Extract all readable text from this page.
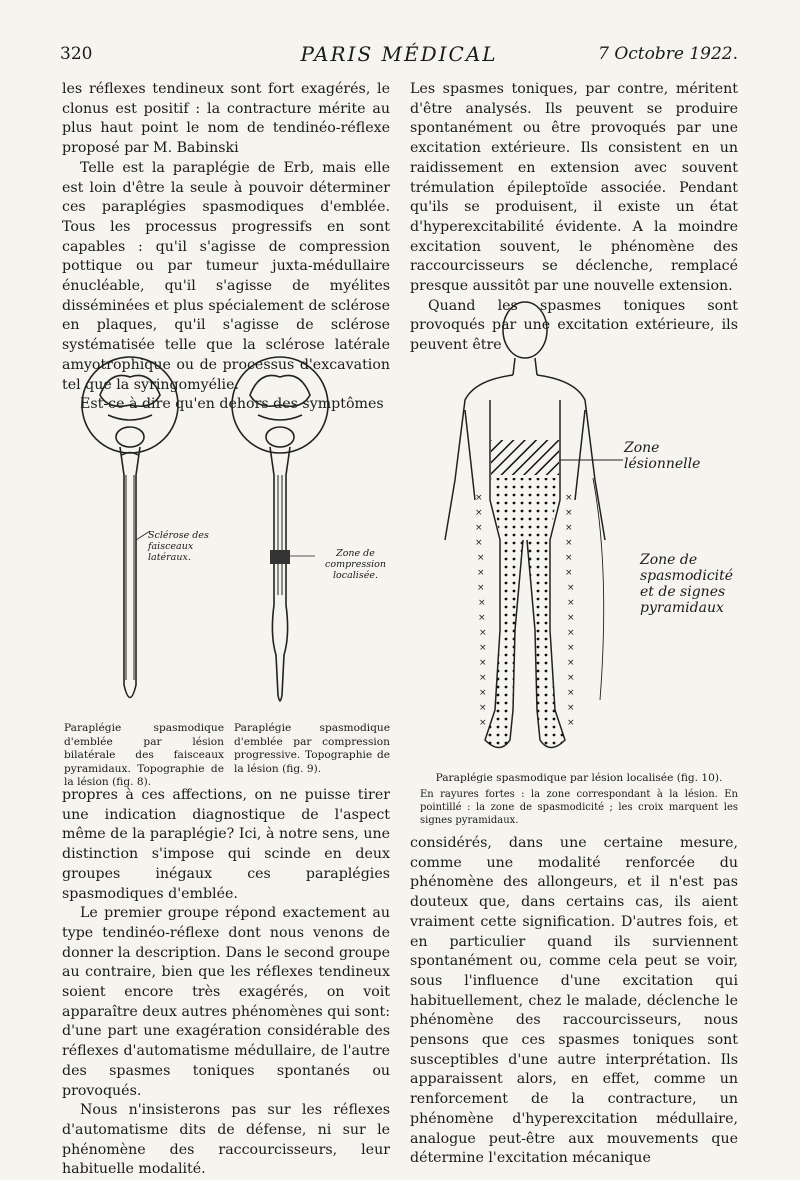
320	PARIS MÉDICAL	7 Octobre 1922.

les réflexes tendineux sont fort exagérés, le clonus est positif : la contracture mérite au plus haut point le nom de tendinéo-réflexe proposé par M. Babinski

Telle est la paraplégie de Erb, mais elle est loin d'être la seule à pouvoir déterminer ces paraplégies spasmodiques d'emblée. Tous les processus progressifs en sont capables : qu'il s'agisse de compression pottique ou par tumeur juxta-médullaire énucléable, qu'il s'agisse de myélites disséminées et plus spécialement de sclérose en plaques, qu'il s'agisse de sclérose systématisée telle que la sclérose latérale amyotrophique ou de processus d'excavation tel que la syringomyélie.

Est-ce à dire qu'en dehors des symptômes

Sclérose des faisceaux latéraux.	Zone de compression localisée.
Paraplégie spasmodique d'emblée par lésion bilatérale des faisceaux pyramidaux. Topographie de la lésion (fig. 8).
Paraplégie spasmodique d'emblée par compression progressive. Topographie de la lésion (fig. 9).

propres à ces affections, on ne puisse tirer une indication diagnostique de l'aspect même de la paraplégie? Ici, à notre sens, une distinction s'impose qui scinde en deux groupes inégaux ces paraplégies spasmodiques d'emblée.

Le premier groupe répond exactement au type tendinéo-réflexe dont nous venons de donner la description. Dans le second groupe au contraire, bien que les réflexes tendineux soient encore très exagérés, on voit apparaître deux autres phénomènes qui sont: d'une part une exagération considérable des réflexes d'automatisme médullaire, de l'autre des spasmes toniques spontanés ou provoqués.

Nous n'insisterons pas sur les réflexes d'automatisme dits de défense, ni sur le phénomène des raccourcisseurs, leur habituelle modalité.

Les spasmes toniques, par contre, méritent d'être analysés. Ils peuvent se produire spontanément ou être provoqués par une excitation extérieure. Ils consistent en un raidissement en extension avec souvent trémulation épileptoïde associée. Pendant qu'ils se produisent, il existe un état d'hyperexcitabilité évidente. A la moindre excitation souvent, le phénomène des raccourcisseurs se déclenche, remplacé presque aussitôt par une nouvelle extension.

Quand les spasmes toniques sont provoqués par une excitation extérieure, ils peuvent être

×
×
×
×
×
×
×
×
×
×
×
×
×
×
×
×
×
×
×
×
×
×
×
×
×
×
×
×
×
×
×
×
Zone lésionnelle
Zone de spasmodicité et de signes pyramidaux
Paraplégie spasmodique par lésion localisée (fig. 10).
En rayures fortes : la zone correspondant à la lésion. En pointillé : la zone de spasmodicité ; les croix marquent les signes pyramidaux.

considérés, dans une certaine mesure, comme une modalité renforcée du phénomène des allongeurs, et il n'est pas douteux que, dans certains cas, ils aient vraiment cette signification. D'autres fois, et en particulier quand ils surviennent spontanément ou, comme cela peut se voir, sous l'influence d'une excitation qui habituellement, chez le malade, déclenche le phénomène des raccourcisseurs, nous pensons que ces spasmes toniques sont susceptibles d'une autre interprétation. Ils apparaissent alors, en effet, comme un renforcement de la contracture, un phénomène d'hyperexcitation médullaire, analogue peut-être aux mouvements que détermine l'excitation mécanique
